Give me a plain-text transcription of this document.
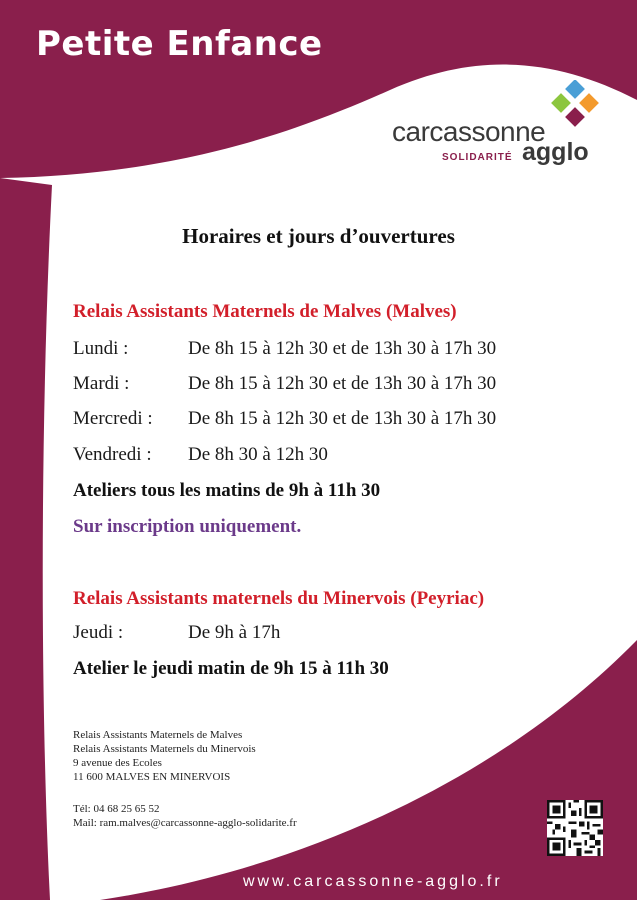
Petite Enfance
carcassonne
SOLIDARITÉ agglo
Horaires et jours d’ouvertures
Relais Assistants Maternels de Malves (Malves)
Lundi :	De 8h 15 à 12h 30 et de 13h 30 à 17h 30
Mardi :	De 8h 15 à 12h 30 et de 13h 30 à 17h 30
Mercredi : De 8h 15 à 12h 30 et de 13h 30 à 17h 30
Vendredi : De 8h 30 à 12h 30

Ateliers tous les matins de 9h à 11h 30

Sur inscription uniquement.

Relais Assistants maternels du Minervois (Peyriac)
Jeudi :	De 9h à 17h

Atelier le jeudi matin de 9h 15 à 11h 30

Relais Assistants Maternels de Malves
Relais Assistants Maternels du Minervois
9 avenue des Ecoles
11 600 MALVES EN MINERVOIS
Tél: 04 68 25 65 52
Mail: ram.malves@carcassonne-agglo-solidarite.fr
www.carcassonne-agglo.fr
